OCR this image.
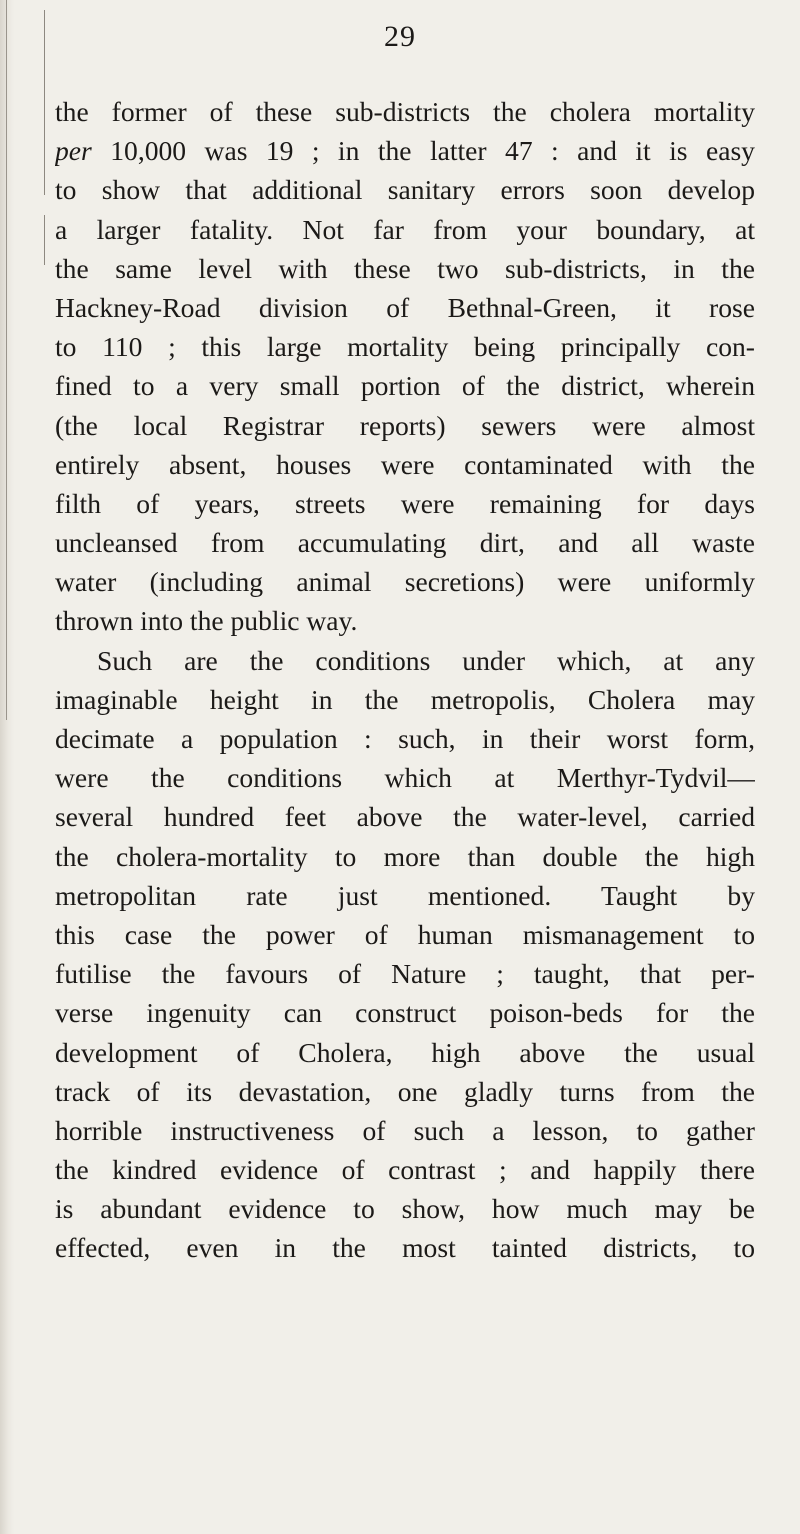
29
the former of these sub-districts the cholera mortality
per 10,000 was 19 ; in the latter 47 : and it is easy
to show that additional sanitary errors soon develop
a larger fatality. Not far from your boundary, at
the same level with these two sub-districts, in the
Hackney-Road division of Bethnal-Green, it rose
to 110 ; this large mortality being principally con-
fined to a very small portion of the district, wherein
(the local Registrar reports) sewers were almost
entirely absent, houses were contaminated with the
filth of years, streets were remaining for days
uncleansed from accumulating dirt, and all waste
water (including animal secretions) were uniformly
thrown into the public way.
Such are the conditions under which, at any
imaginable height in the metropolis, Cholera may
decimate a population : such, in their worst form,
were the conditions which at Merthyr-Tydvil—
several hundred feet above the water-level, carried
the cholera-mortality to more than double the high
metropolitan rate just mentioned. Taught by
this case the power of human mismanagement to
futilise the favours of Nature ; taught, that per-
verse ingenuity can construct poison-beds for the
development of Cholera, high above the usual
track of its devastation, one gladly turns from the
horrible instructiveness of such a lesson, to gather
the kindred evidence of contrast ; and happily there
is abundant evidence to show, how much may be
effected, even in the most tainted districts, to
